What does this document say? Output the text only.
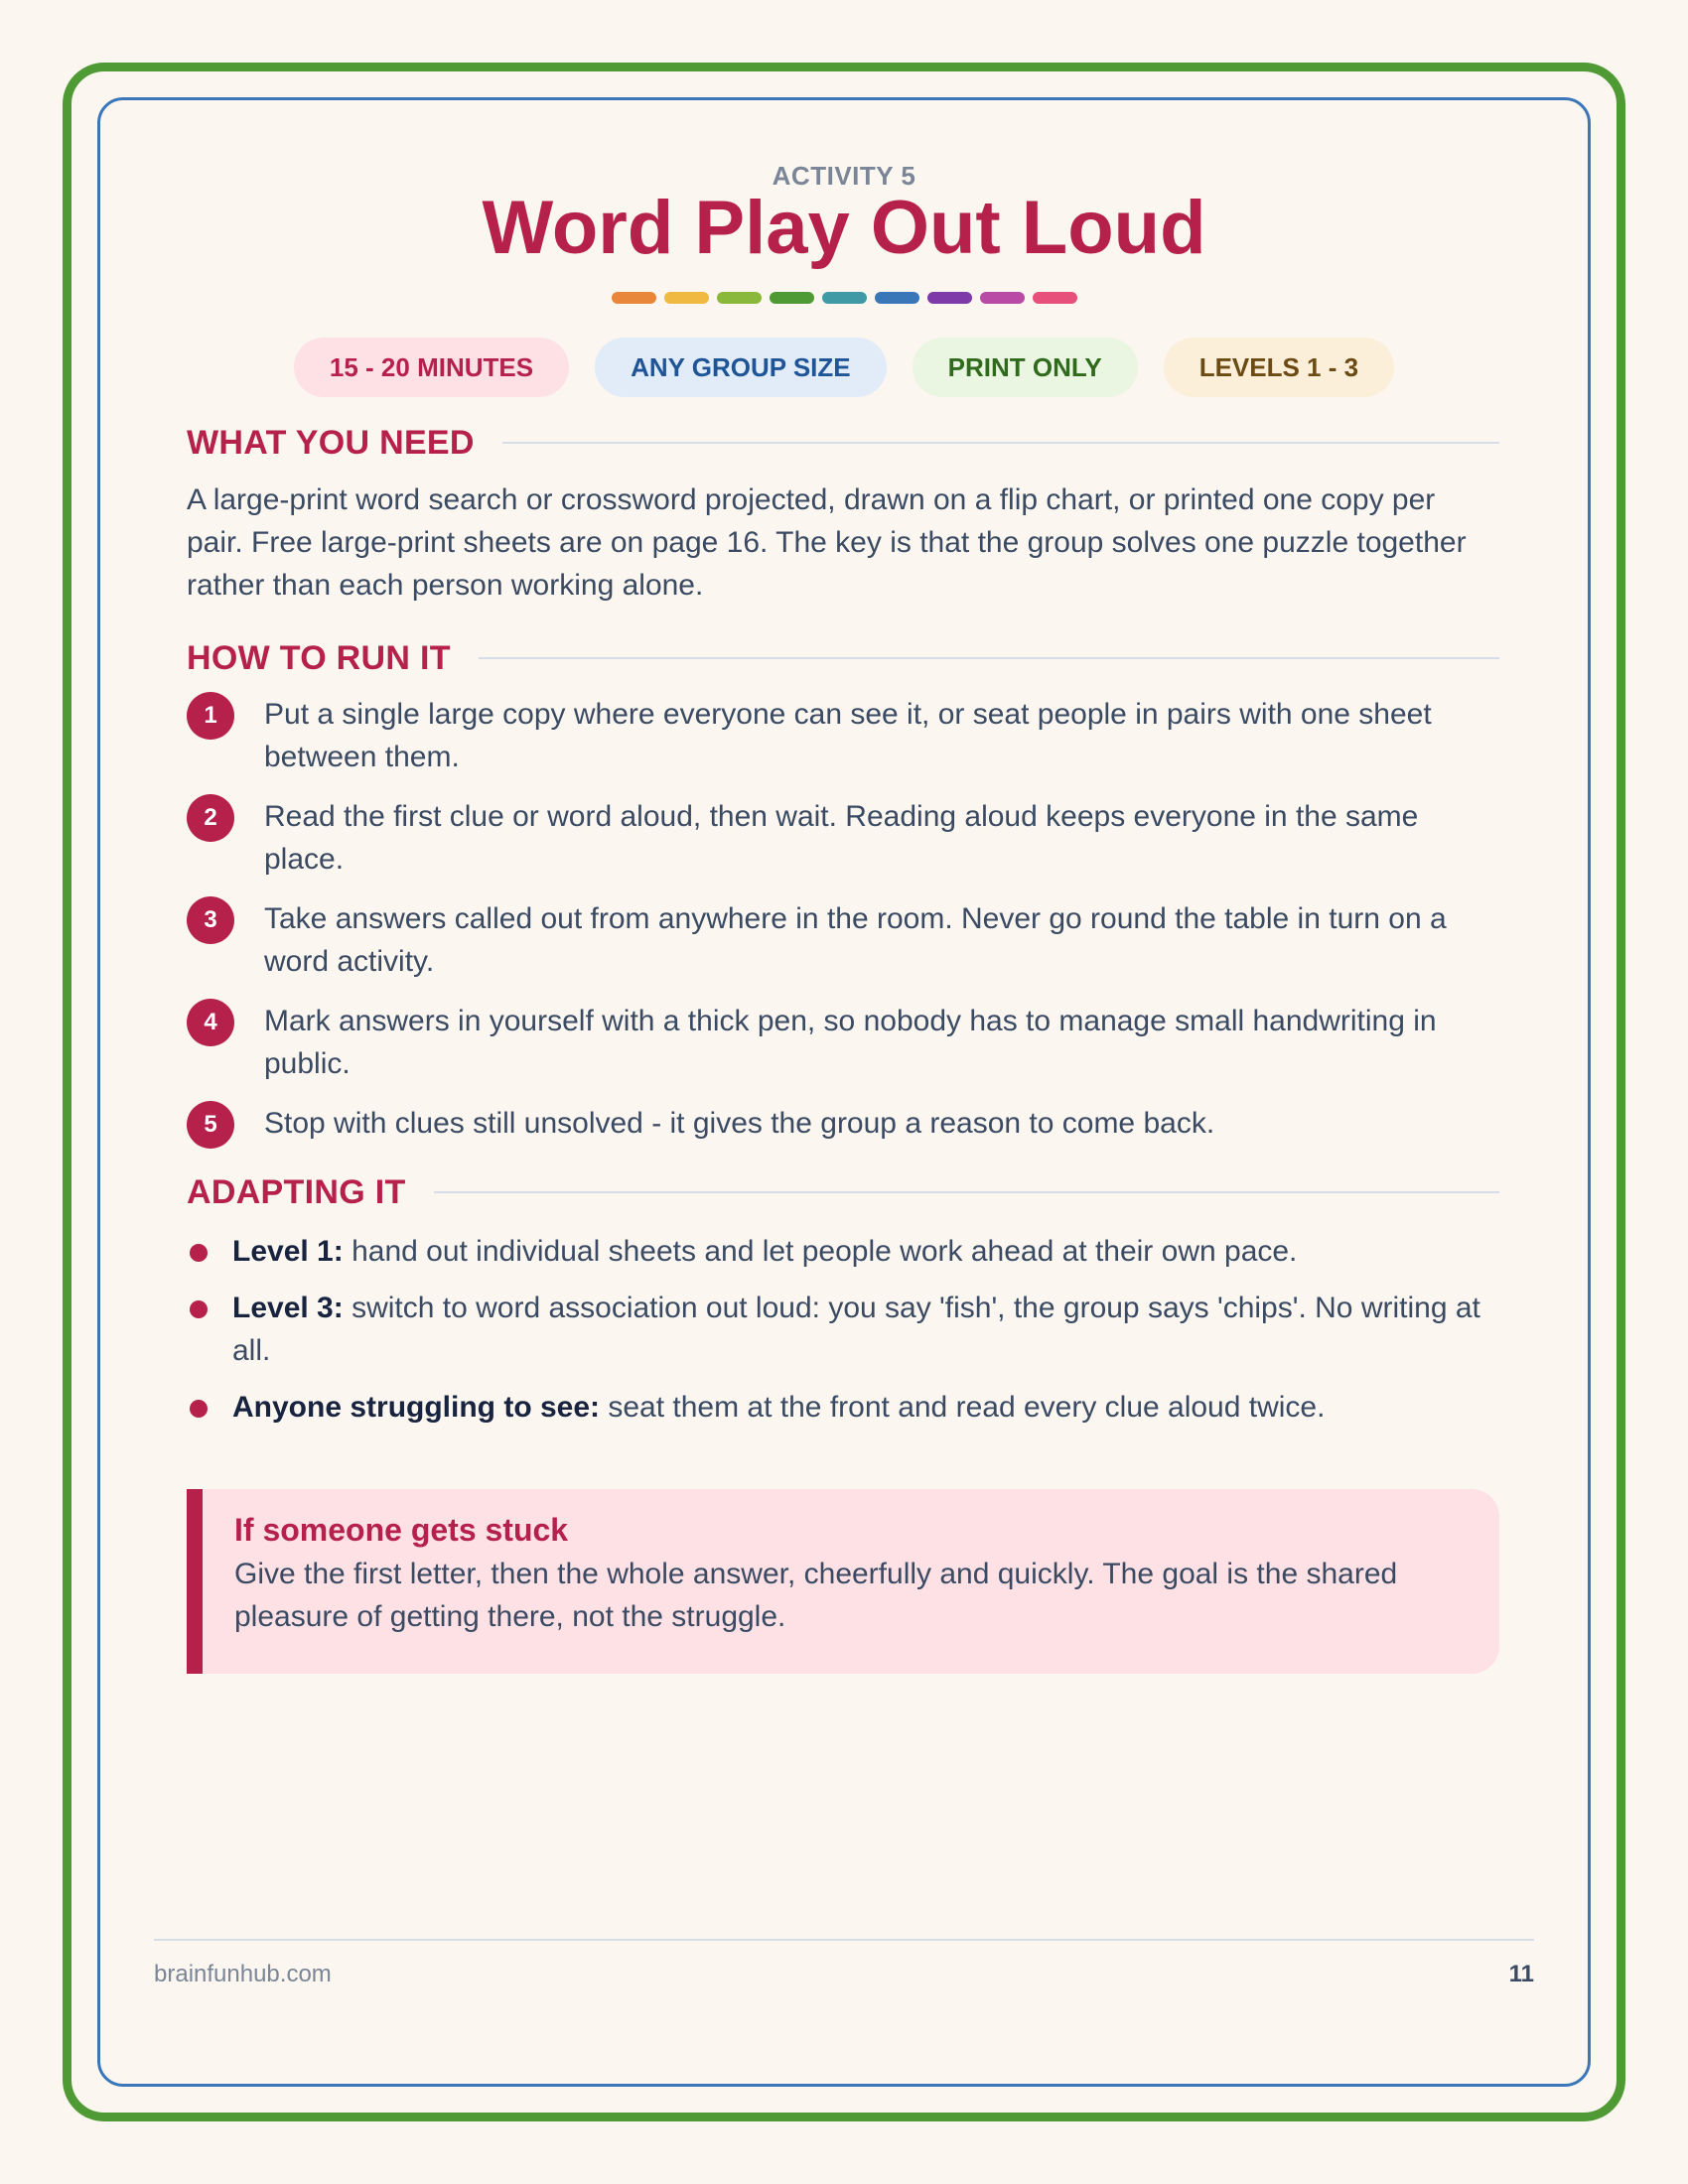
ACTIVITY 5
Word Play Out Loud
15 - 20 MINUTES	ANY GROUP SIZE	PRINT ONLY	LEVELS 1 - 3
WHAT YOU NEED

A large-print word search or crossword projected, drawn on a flip chart, or printed one copy per pair. Free large-print sheets are on page 16. The key is that the group solves one puzzle together rather than each person working alone.

HOW TO RUN IT
1	Put a single large copy where everyone can see it, or seat people in pairs with one sheet between them.
2	Read the first clue or word aloud, then wait. Reading aloud keeps everyone in the same place.
3	Take answers called out from anywhere in the room. Never go round the table in turn on a word activity.
4	Mark answers in yourself with a thick pen, so nobody has to manage small handwriting in public.
5	Stop with clues still unsolved - it gives the group a reason to come back.
ADAPTING IT
Level 1: hand out individual sheets and let people work ahead at their own pace.
Level 3: switch to word association out loud: you say 'fish', the group says 'chips'. No writing at all.
Anyone struggling to see: seat them at the front and read every clue aloud twice.
If someone gets stuck

Give the first letter, then the whole answer, cheerfully and quickly. The goal is the shared pleasure of getting there, not the struggle.

brainfunhub.com	11
